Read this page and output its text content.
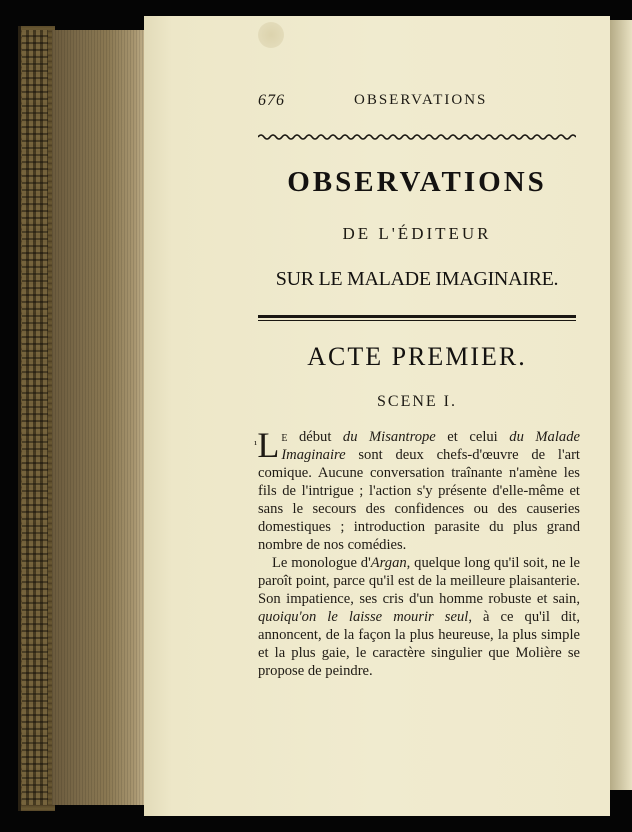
676	OBSERVATIONS
OBSERVATIONS
DE L'ÉDITEUR
SUR LE MALADE IMAGINAIRE.
ACTE PREMIER.
SCENE I.

$^{^1}$L e début du Misantrope et celui du Malade Imaginaire sont deux chefs-d'œuvre de l'art comique. Aucune conversation traînante n'amène les fils de l'intrigue ; l'action s'y présente d'elle-même et sans le secours des confidences ou des causeries domestiques ; introduction parasite du plus grand nombre de nos comédies.

Le monologue d'Argan, quelque long qu'il soit, ne le paroît point, parce qu'il est de la meilleure plaisanterie. Son impatience, ses cris d'un homme robuste et sain, quoiqu'on le laisse mourir seul, à ce qu'il dit, annoncent, de la façon la plus heureuse, la plus simple et la plus gaie, le caractère singulier que Molière se propose de peindre.
